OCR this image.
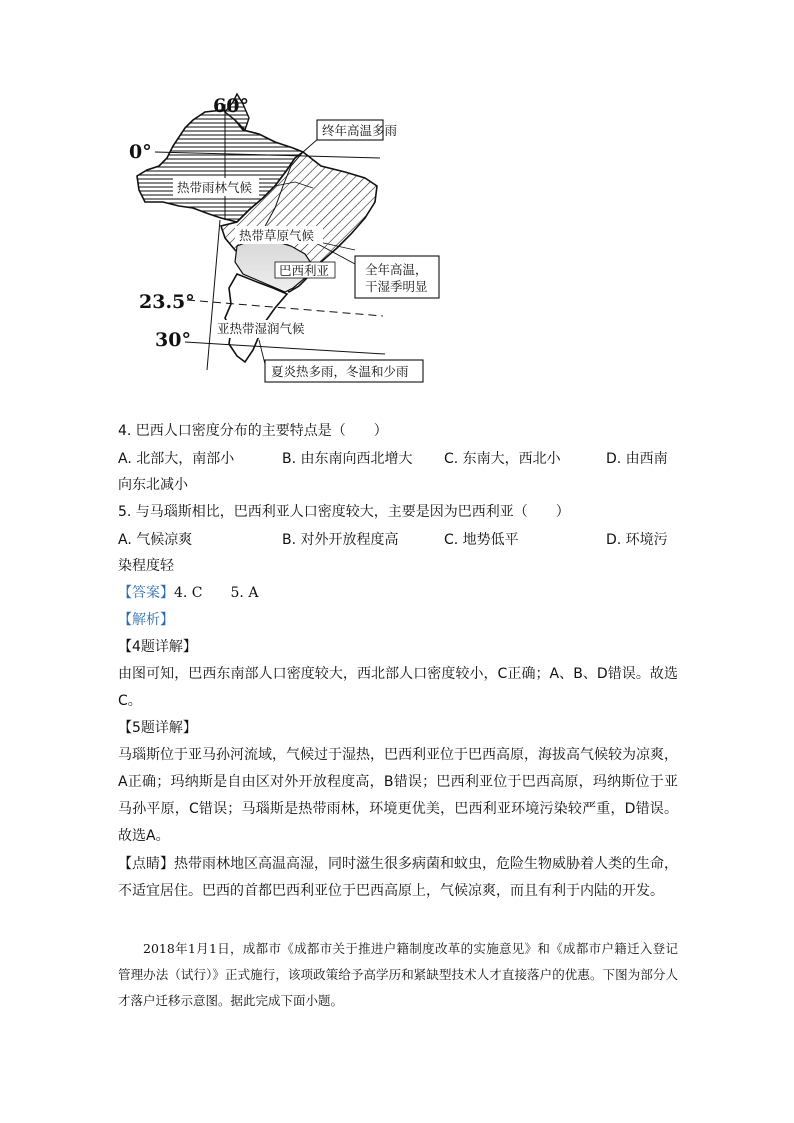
60°
0°
23.5°
30°
终年高温多雨
热带雨林气候
热带草原气候
巴西利亚	全年高温，
干湿季明显
亚热带湿润气候
夏炎热多雨，冬温和少雨
4. 巴西人口密度分布的主要特点是（　　）
A. 北部大，南部小	B. 由东南向西北增大 C. 东南大，西北小	D. 由西南
向东北减小
5. 与马瑙斯相比，巴西利亚人口密度较大，主要是因为巴西利亚（　　）
A. 气候凉爽	B. 对外开放程度高	C. 地势低平	D. 环境污
染程度轻
【答案】4. C　　5. A
【解析】
【4题详解】
由图可知，巴西东南部人口密度较大，西北部人口密度较小，C正确；A、B、D错误。故选C。
【5题详解】
马瑙斯位于亚马孙河流域，气候过于湿热，巴西利亚位于巴西高原，海拔高气候较为凉爽，A正确；玛纳斯是自由区对外开放程度高，B错误；巴西利亚位于巴西高原，玛纳斯位于亚马孙平原，C错误；马瑙斯是热带雨林，环境更优美，巴西利亚环境污染较严重，D错误。故选A。
【点睛】热带雨林地区高温高湿，同时滋生很多病菌和蚊虫，危险生物威胁着人类的生命，不适宜居住。巴西的首都巴西利亚位于巴西高原上，气候凉爽，而且有利于内陆的开发。
2018年1月1日，成都市《成都市关于推进户籍制度改革的实施意见》和《成都市户籍迁入登记管理办法（试行）》正式施行，该项政策给予高学历和紧缺型技术人才直接落户的优惠。下图为部分人才落户迁移示意图。据此完成下面小题。
